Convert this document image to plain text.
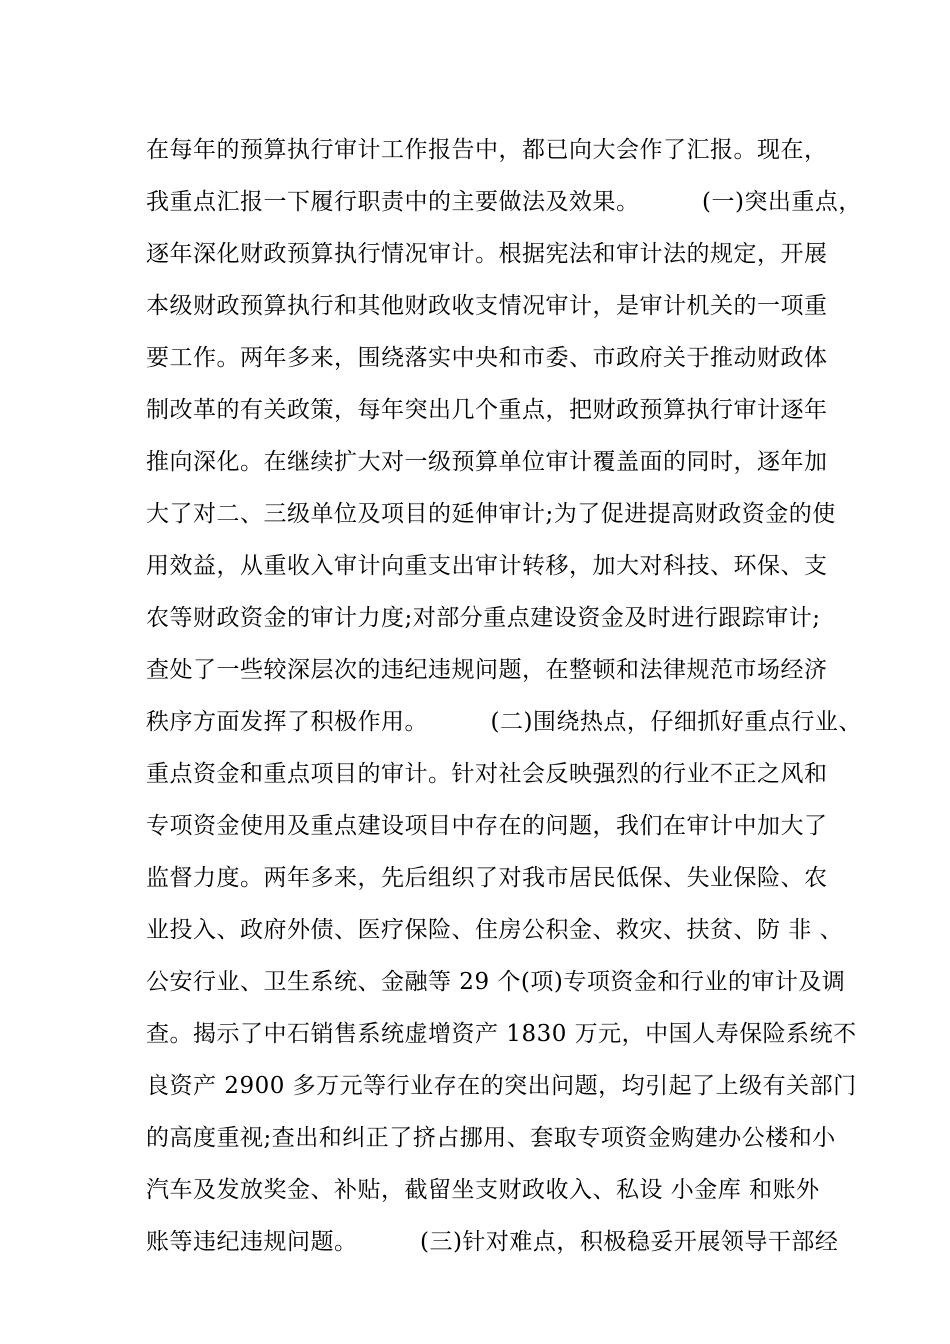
在每年的预算执行审计工作报告中，都已向大会作了汇报。现在，
我重点汇报一下履行职责中的主要做法及效果。        (一)突出重点，
逐年深化财政预算执行情况审计。根据宪法和审计法的规定，开展
本级财政预算执行和其他财政收支情况审计，是审计机关的一项重
要工作。两年多来，围绕落实中央和市委、市政府关于推动财政体
制改革的有关政策，每年突出几个重点，把财政预算执行审计逐年
推向深化。在继续扩大对一级预算单位审计覆盖面的同时，逐年加
大了对二、三级单位及项目的延伸审计;为了促进提高财政资金的使
用效益，从重收入审计向重支出审计转移，加大对科技、环保、支
农等财政资金的审计力度;对部分重点建设资金及时进行跟踪审计;
查处了一些较深层次的违纪违规问题，在整顿和法律规范市场经济
秩序方面发挥了积极作用。        (二)围绕热点，仔细抓好重点行业、
重点资金和重点项目的审计。针对社会反映强烈的行业不正之风和
专项资金使用及重点建设项目中存在的问题，我们在审计中加大了
监督力度。两年多来，先后组织了对我市居民低保、失业保险、农
业投入、政府外债、医疗保险、住房公积金、救灾、扶贫、防 非 、
公安行业、卫生系统、金融等 29 个(项)专项资金和行业的审计及调
查。揭示了中石销售系统虚增资产 1830 万元，中国人寿保险系统不
良资产 2900 多万元等行业存在的突出问题，均引起了上级有关部门
的高度重视;查出和纠正了挤占挪用、套取专项资金购建办公楼和小
汽车及发放奖金、补贴，截留坐支财政收入、私设 小金库 和账外
账等违纪违规问题。        (三)针对难点，积极稳妥开展领导干部经
